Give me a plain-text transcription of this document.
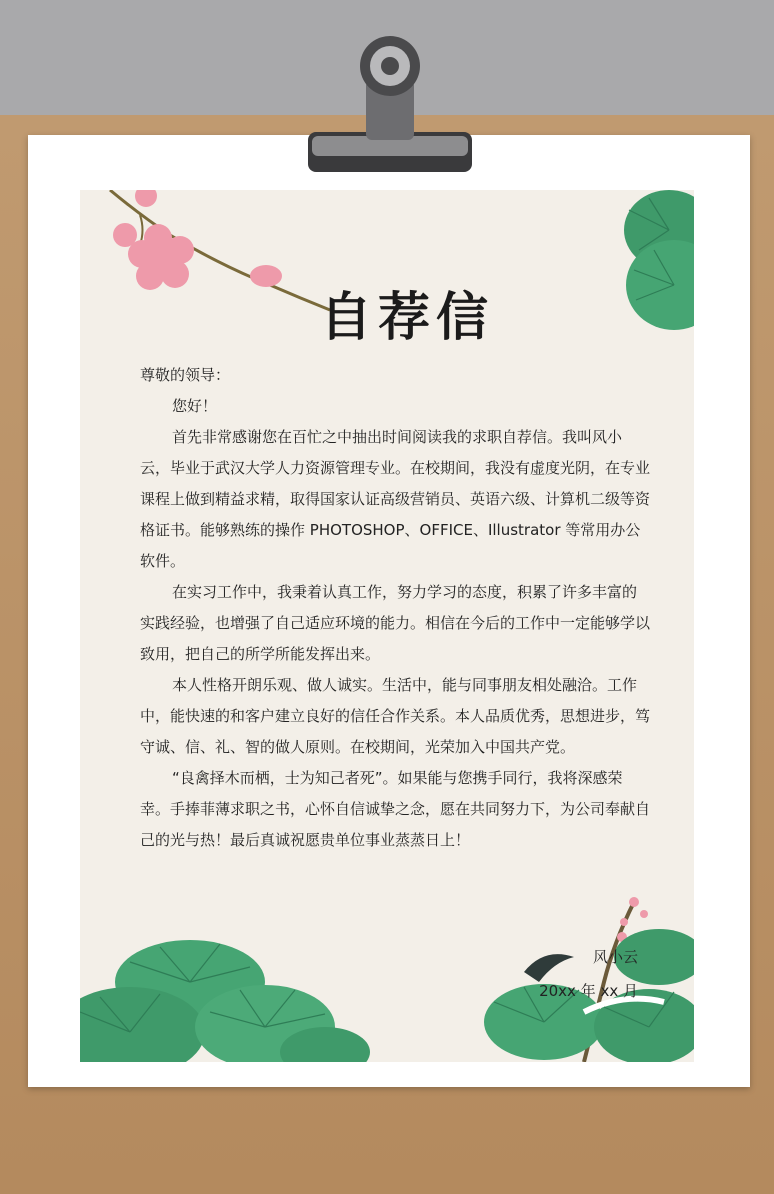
自荐信

尊敬的领导：

您好！

首先非常感谢您在百忙之中抽出时间阅读我的求职自荐信。我叫风小云，毕业于武汉大学人力资源管理专业。在校期间，我没有虚度光阴，在专业课程上做到精益求精，取得国家认证高级营销员、英语六级、计算机二级等资格证书。能够熟练的操作 PHOTOSHOP、OFFICE、Illustrator 等常用办公软件。

在实习工作中，我秉着认真工作，努力学习的态度，积累了许多丰富的实践经验，也增强了自己适应环境的能力。相信在今后的工作中一定能够学以致用，把自己的所学所能发挥出来。

本人性格开朗乐观、做人诚实。生活中，能与同事朋友相处融洽。工作中，能快速的和客户建立良好的信任合作关系。本人品质优秀，思想进步，笃守诚、信、礼、智的做人原则。在校期间，光荣加入中国共产党。

“良禽择木而栖，士为知己者死”。如果能与您携手同行，我将深感荣幸。手捧菲薄求职之书，心怀自信诚挚之念，愿在共同努力下，为公司奉献自己的光与热！最后真诚祝愿贵单位事业蒸蒸日上！

风小云
20xx 年 xx 月
